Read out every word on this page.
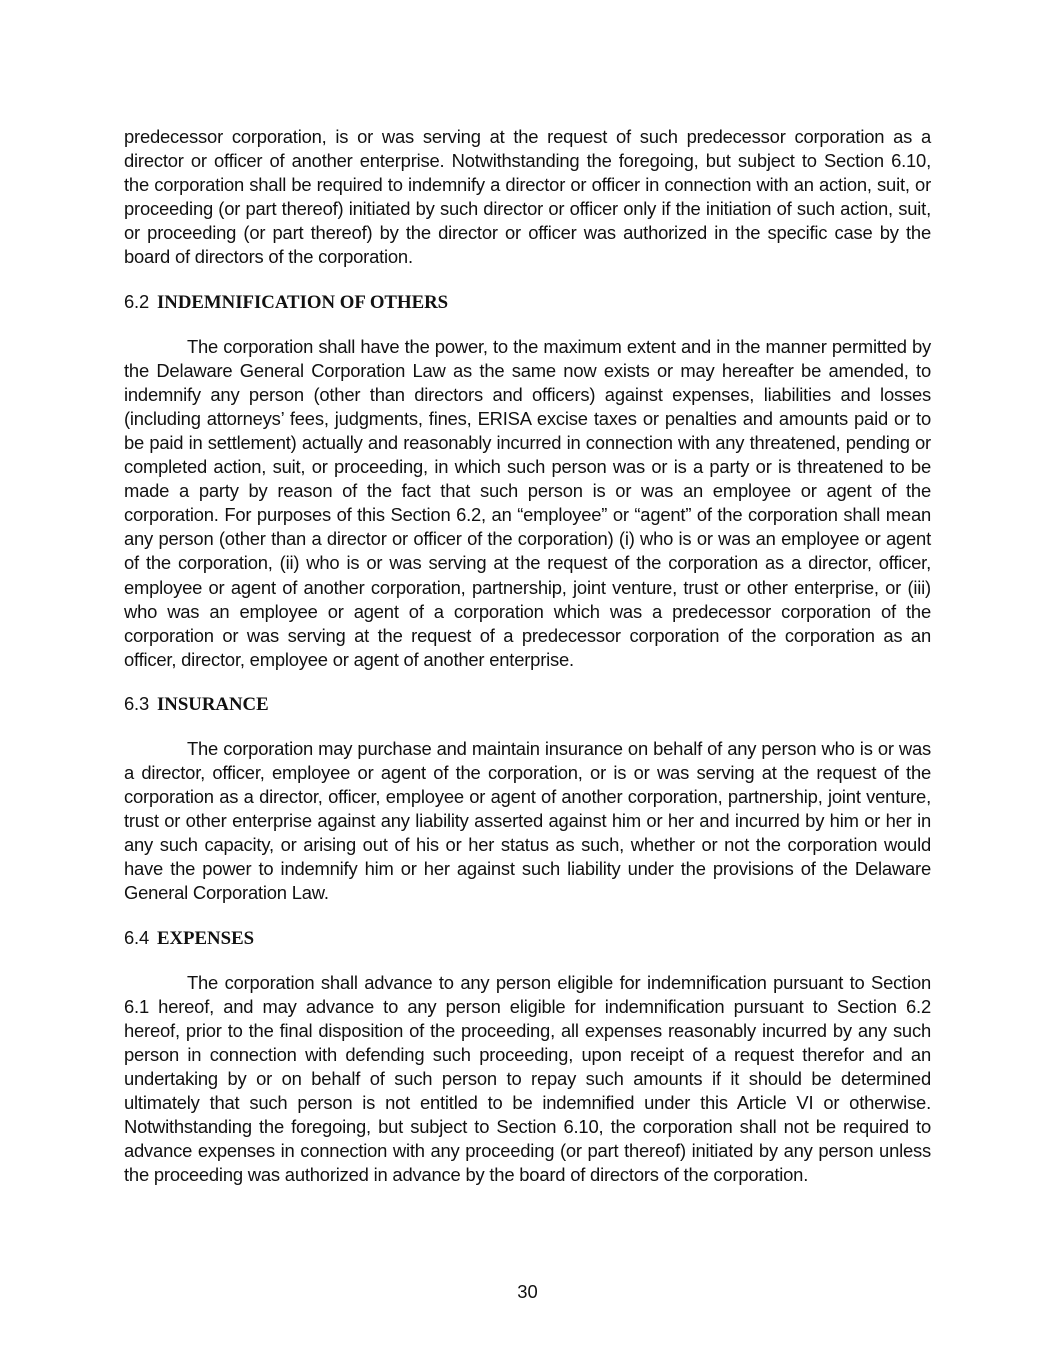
predecessor corporation, is or was serving at the request of such predecessor corporation as a director or officer of another enterprise. Notwithstanding the foregoing, but subject to Section 6.10, the corporation shall be required to indemnify a director or officer in connection with an action, suit, or proceeding (or part thereof) initiated by such director or officer only if the initiation of such action, suit, or proceeding (or part thereof) by the director or officer was authorized in the specific case by the board of directors of the corporation.

6.2 INDEMNIFICATION OF OTHERS

The corporation shall have the power, to the maximum extent and in the manner permitted by the Delaware General Corporation Law as the same now exists or may hereafter be amended, to indemnify any person (other than directors and officers) against expenses, liabilities and losses (including attorneys’ fees, judgments, fines, ERISA excise taxes or penalties and amounts paid or to be paid in settlement) actually and reasonably incurred in connection with any threatened, pending or completed action, suit, or proceeding, in which such person was or is a party or is threatened to be made a party by reason of the fact that such person is or was an employee or agent of the corporation. For purposes of this Section 6.2, an “employee” or “agent” of the corporation shall mean any person (other than a director or officer of the corporation) (i) who is or was an employee or agent of the corporation, (ii) who is or was serving at the request of the corporation as a director, officer, employee or agent of another corporation, partnership, joint venture, trust or other enterprise, or (iii) who was an employee or agent of a corporation which was a predecessor corporation of the corporation or was serving at the request of a predecessor corporation of the corporation as an officer, director, employee or agent of another enterprise.

6.3 INSURANCE

The corporation may purchase and maintain insurance on behalf of any person who is or was a director, officer, employee or agent of the corporation, or is or was serving at the request of the corporation as a director, officer, employee or agent of another corporation, partnership, joint venture, trust or other enterprise against any liability asserted against him or her and incurred by him or her in any such capacity, or arising out of his or her status as such, whether or not the corporation would have the power to indemnify him or her against such liability under the provisions of the Delaware General Corporation Law.

6.4 EXPENSES

The corporation shall advance to any person eligible for indemnification pursuant to Section 6.1 hereof, and may advance to any person eligible for indemnification pursuant to Section 6.2 hereof, prior to the final disposition of the proceeding, all expenses reasonably incurred by any such person in connection with defending such proceeding, upon receipt of a request therefor and an undertaking by or on behalf of such person to repay such amounts if it should be determined ultimately that such person is not entitled to be indemnified under this Article VI or otherwise. Notwithstanding the foregoing, but subject to Section 6.10, the corporation shall not be required to advance expenses in connection with any proceeding (or part thereof) initiated by any person unless the proceeding was authorized in advance by the board of directors of the corporation.

30
